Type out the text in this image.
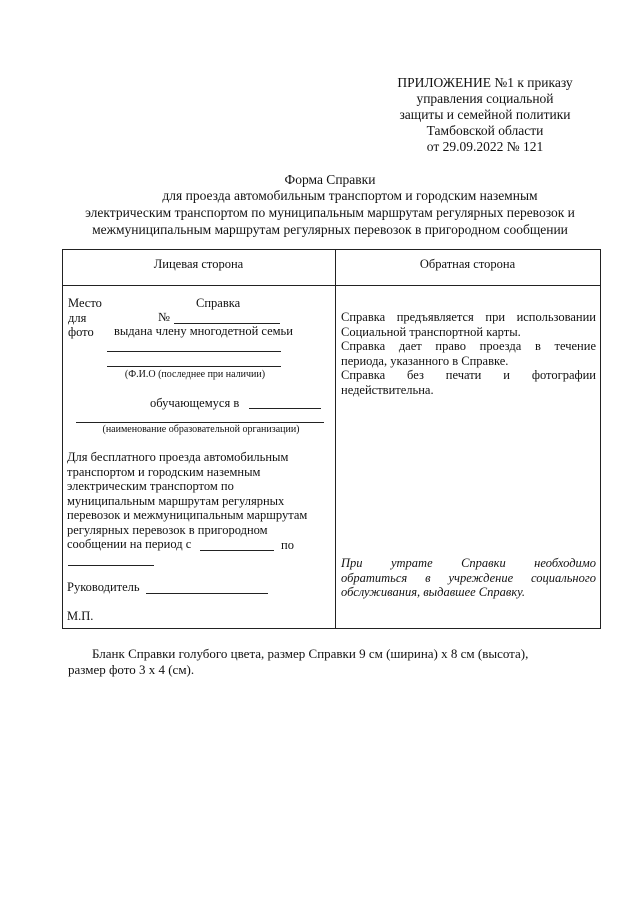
ПРИЛОЖЕНИЕ №1 к приказу
управления социальной
защиты и семейной политики
Тамбовской области
от 29.09.2022 № 121
Форма Справки
для проезда автомобильным транспортом и городским наземным
электрическим транспортом по муниципальным маршрутам регулярных перевозок и
межмуниципальным маршрутам регулярных перевозок в пригородном сообщении
Лицевая сторона	Обратная сторона
Место
для
фото
Справка
№
выдана члену многодетной семьи
(Ф.И.О (последнее при наличии)
обучающемуся в
(наименование образовательной организации)
Для бесплатного проезда автомобильным
транспортом и городским наземным
электрическим транспортом по
муниципальным маршрутам регулярных
перевозок и межмуниципальным маршрутам
регулярных перевозок в пригородном
сообщении на период с	по
Руководитель
М.П.
Справка предъявляется при использовании
Социальной транспортной карты.
Справка дает право проезда в течение
периода, указанного в Справке.
Справка без печати и фотографии
недействительна.
При утрате Справки необходимо
обратиться в учреждение социального
обслуживания, выдавшее Справку.
Бланк Справки голубого цвета, размер Справки 9 см (ширина) х 8 см (высота),
размер фото 3 х 4 (см).
